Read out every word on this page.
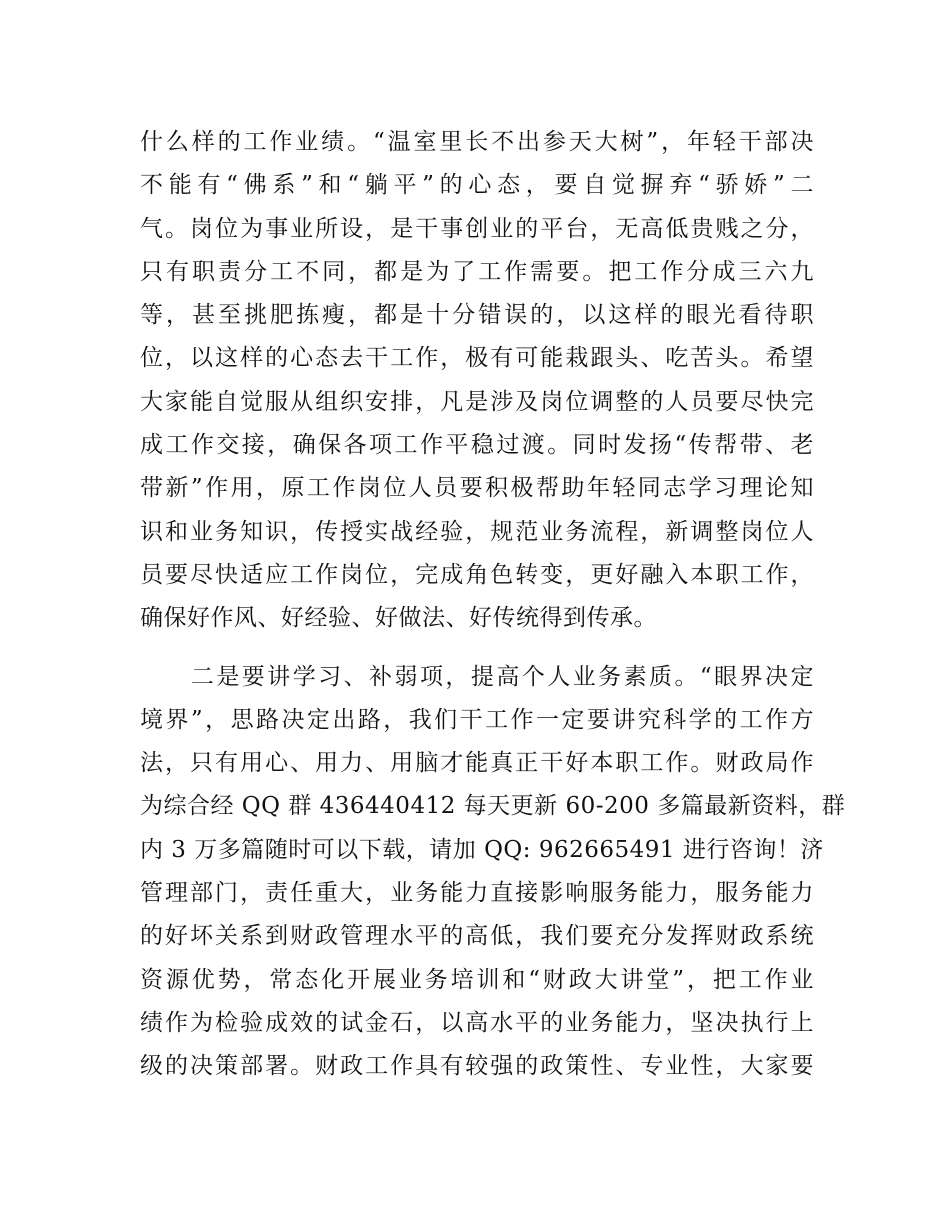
什么样的工作业绩。“温室里长不出参天大树”，年轻干部决
不能有“佛系”和“躺平”的心态，要自觉摒弃“骄娇”二
气。岗位为事业所设，是干事创业的平台，无高低贵贱之分，
只有职责分工不同，都是为了工作需要。把工作分成三六九
等，甚至挑肥拣瘦，都是十分错误的，以这样的眼光看待职
位，以这样的心态去干工作，极有可能栽跟头、吃苦头。希望
大家能自觉服从组织安排，凡是涉及岗位调整的人员要尽快完
成工作交接，确保各项工作平稳过渡。同时发扬“传帮带、老
带新”作用，原工作岗位人员要积极帮助年轻同志学习理论知
识和业务知识，传授实战经验，规范业务流程，新调整岗位人
员要尽快适应工作岗位，完成角色转变，更好融入本职工作，
确保好作风、好经验、好做法、好传统得到传承。
　　二是要讲学习、补弱项，提高个人业务素质。“眼界决定
境界”，思路决定出路，我们干工作一定要讲究科学的工作方
法，只有用心、用力、用脑才能真正干好本职工作。财政局作
为综合经 QQ 群 436440412 每天更新 60-200 多篇最新资料，群
内 3 万多篇随时可以下载，请加 QQ: 962665491 进行咨询！济
管理部门，责任重大，业务能力直接影响服务能力，服务能力
的好坏关系到财政管理水平的高低，我们要充分发挥财政系统
资源优势，常态化开展业务培训和“财政大讲堂”，把工作业
绩作为检验成效的试金石，以高水平的业务能力，坚决执行上
级的决策部署。财政工作具有较强的政策性、专业性，大家要
